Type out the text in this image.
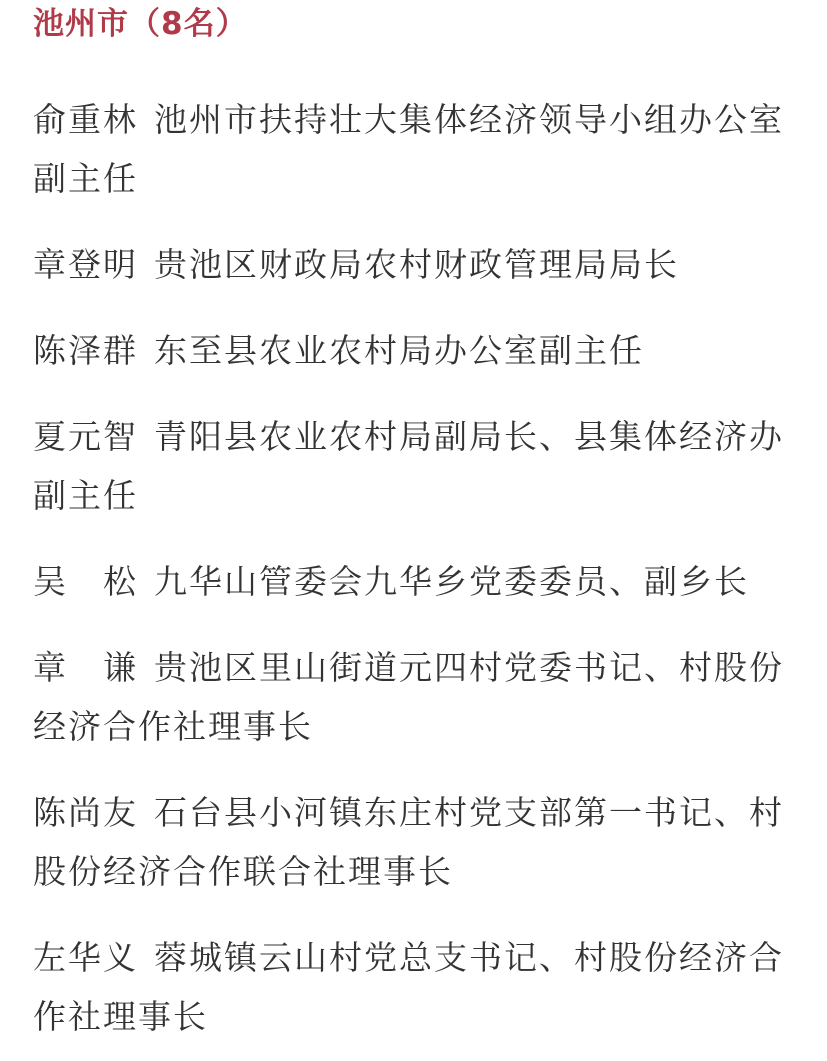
池州市（8名）

俞重林 池州市扶持壮大集体经济领导小组办公室副主任

章登明 贵池区财政局农村财政管理局局长

陈泽群 东至县农业农村局办公室副主任

夏元智 青阳县农业农村局副局长、县集体经济办副主任

吴　松 九华山管委会九华乡党委委员、副乡长

章　谦 贵池区里山街道元四村党委书记、村股份经济合作社理事长

陈尚友 石台县小河镇东庄村党支部第一书记、村股份经济合作联合社理事长

左华义 蓉城镇云山村党总支书记、村股份经济合作社理事长
